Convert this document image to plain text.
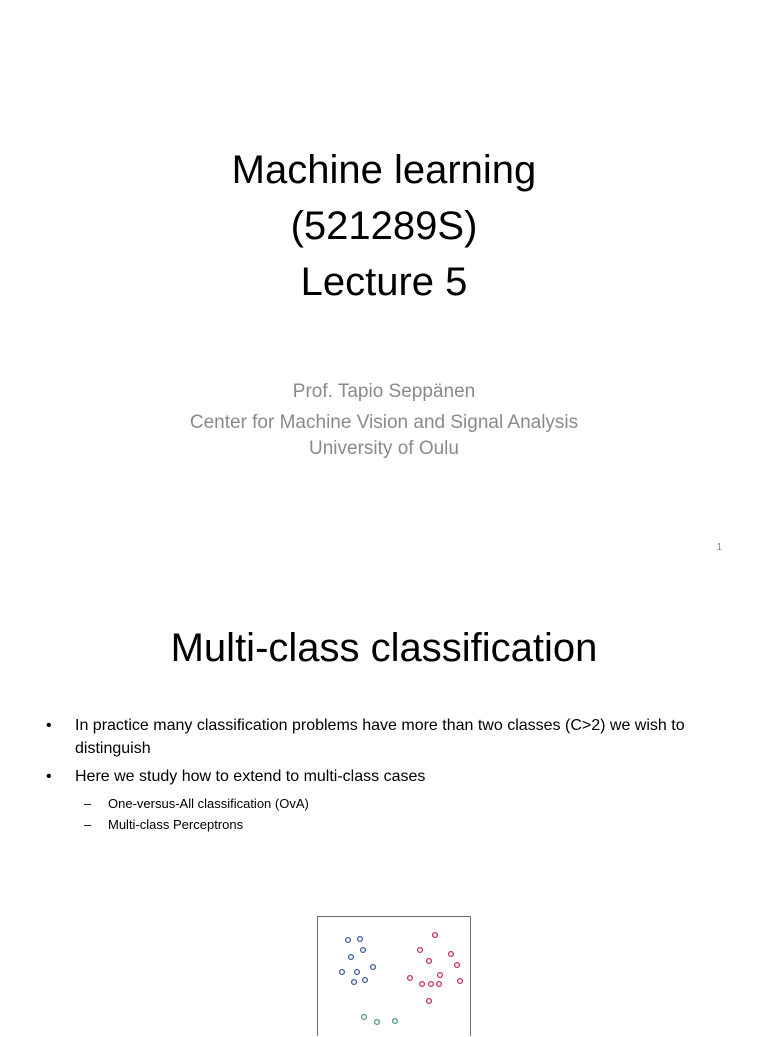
Machine learning
(521289S)
Lecture 5
Prof. Tapio Seppänen
Center for Machine Vision and Signal Analysis
University of Oulu
1
Multi-class classification
• In practice many classification problems have more than two classes (C>2) we wish to distinguish
• Here we study how to extend to multi-class cases
– One-versus-All classification (OvA)
– Multi-class Perceptrons
